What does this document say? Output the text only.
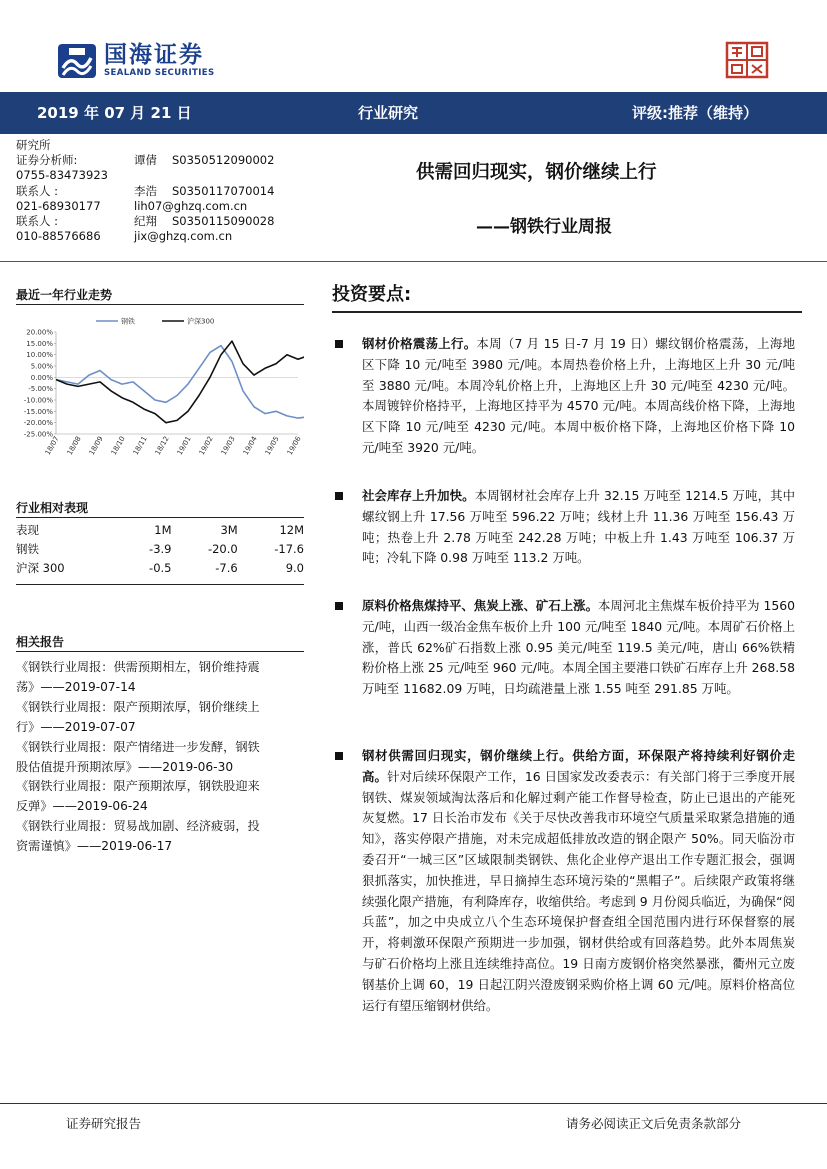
国海证券
SEALAND SECURITIES
2019 年 07 月 21 日	行业研究	评级:推荐（维持）
研究所
证券分析师:	谭倩 S0350512090002
0755-83473923
联系人 :	李浩 S0350117070014
021-68930177	lih07@ghzq.com.cn
联系人 :	纪翔 S0350115090028
010-88576686	jix@ghzq.com.cn
供需回归现实，钢价继续上行
——钢铁行业周报
最近一年行业走势
20.00%
15.00%
10.00%
5.00%
0.00%
-5.00%
-10.00%
-15.00%
-20.00%
-25.00%
18/07 18/08 18/09 18/10 18/11 18/12 19/01 19/02 19/03 19/04 19/05 19/06
钢铁	沪深300
行业相对表现
表现	1M	3M	12M
钢铁	-3.9	-20.0	-17.6
沪深 300	-0.5	-7.6	9.0
相关报告
《钢铁行业周报：供需预期相左，钢价维持震
荡》——2019-07-14
《钢铁行业周报：限产预期浓厚，钢价继续上
行》——2019-07-07
《钢铁行业周报：限产情绪进一步发酵，钢铁
股估值提升预期浓厚》——2019-06-30
《钢铁行业周报：限产预期浓厚，钢铁股迎来
反弹》——2019-06-24
《钢铁行业周报：贸易战加剧、经济疲弱，投
资需谨慎》——2019-06-17
投资要点:
钢材价格震荡上行。本周（7 月 15 日-7 月 19 日）螺纹钢价格震荡，上海地区下降 10 元/吨至 3980 元/吨。本周热卷价格上升，上海地区上升 30 元/吨至 3880 元/吨。本周冷轧价格上升，上海地区上升 30 元/吨至 4230 元/吨。本周镀锌价格持平，上海地区持平为 4570 元/吨。本周高线价格下降，上海地区下降 10 元/吨至 4230 元/吨。本周中板价格下降，上海地区价格下降 10 元/吨至 3920 元/吨。
社会库存上升加快。本周钢材社会库存上升 32.15 万吨至 1214.5 万吨，其中螺纹钢上升 17.56 万吨至 596.22 万吨；线材上升 11.36 万吨至 156.43 万吨；热卷上升 2.78 万吨至 242.28 万吨；中板上升 1.43 万吨至 106.37 万吨；冷轧下降 0.98 万吨至 113.2 万吨。
原料价格焦煤持平、焦炭上涨、矿石上涨。本周河北主焦煤车板价持平为 1560 元/吨，山西一级冶金焦车板价上升 100 元/吨至 1840 元/吨。本周矿石价格上涨，普氏 62%矿石指数上涨 0.95 美元/吨至 119.5 美元/吨，唐山 66%铁精粉价格上涨 25 元/吨至 960 元/吨。本周全国主要港口铁矿石库存上升 268.58 万吨至 11682.09 万吨，日均疏港量上涨 1.55 吨至 291.85 万吨。
钢材供需回归现实，钢价继续上行。供给方面，环保限产将持续利好钢价走高。针对后续环保限产工作，16 日国家发改委表示：有关部门将于三季度开展钢铁、煤炭领域淘汰落后和化解过剩产能工作督导检查，防止已退出的产能死灰复燃。17 日长治市发布《关于尽快改善我市环境空气质量采取紧急措施的通知》，落实停限产措施，对未完成超低排放改造的钢企限产 50%。同天临汾市委召开“一城三区”区域限制类钢铁、焦化企业停产退出工作专题汇报会，强调狠抓落实，加快推进，早日摘掉生态环境污染的“黑帽子”。后续限产政策将继续强化限产措施，有利降库存，收缩供给。考虑到 9 月份阅兵临近，为确保“阅兵蓝”，加之中央成立八个生态环境保护督查组全国范围内进行环保督察的展开，将刺激环保限产预期进一步加强，钢材供给或有回落趋势。此外本周焦炭与矿石价格均上涨且连续维持高位。19 日南方废钢价格突然暴涨，衢州元立废钢基价上调 60，19 日起江阴兴澄废钢采购价格上调 60 元/吨。原料价格高位运行有望压缩钢材供给。
证券研究报告	请务必阅读正文后免责条款部分
